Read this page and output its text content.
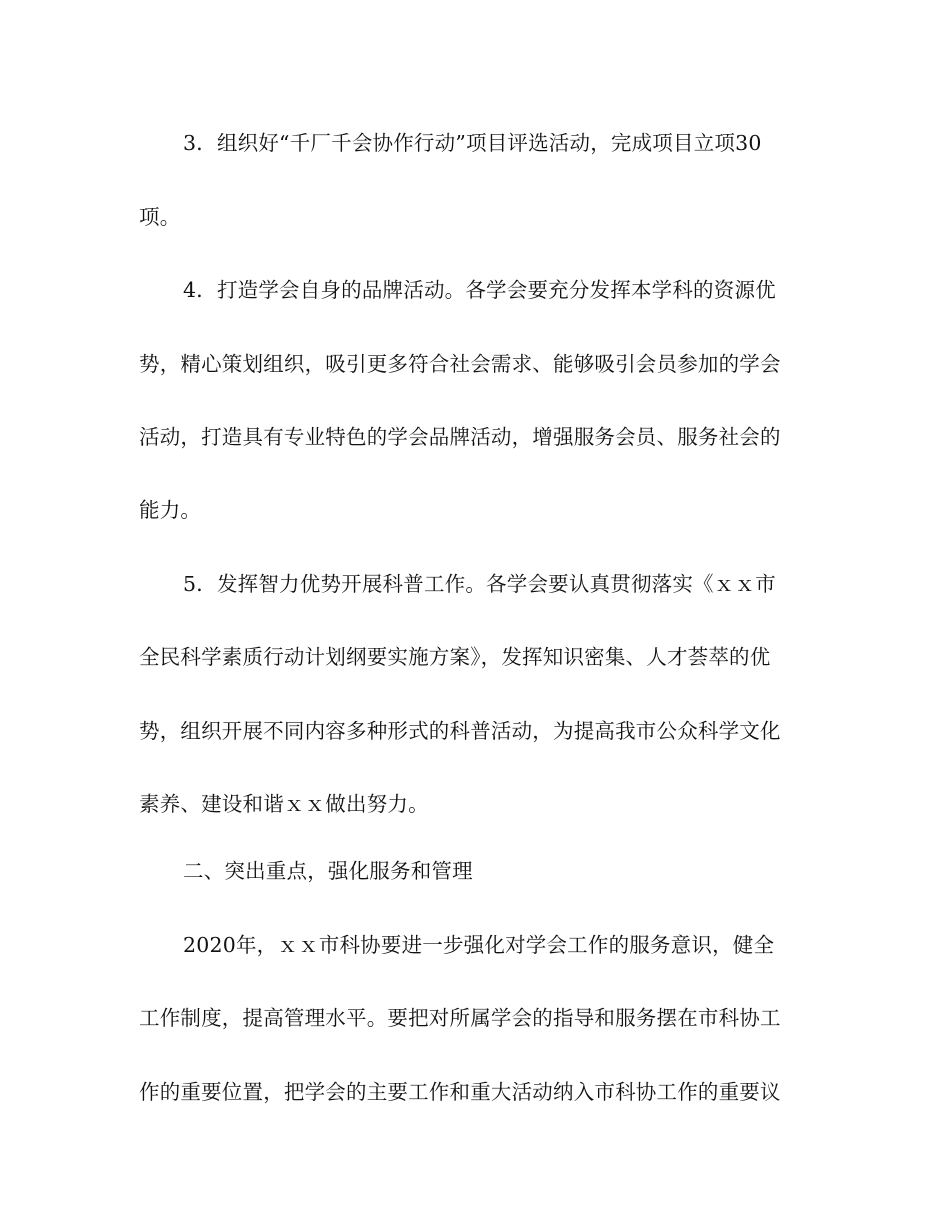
3．组织好“千厂千会协作行动”项目评选活动，完成项目立项30
项。
4．打造学会自身的品牌活动。各学会要充分发挥本学科的资源优
势，精心策划组织，吸引更多符合社会需求、能够吸引会员参加的学会
活动，打造具有专业特色的学会品牌活动，增强服务会员、服务社会的
能力。
5．发挥智力优势开展科普工作。各学会要认真贯彻落实《ｘｘ市
全民科学素质行动计划纲要实施方案》，发挥知识密集、人才荟萃的优
势，组织开展不同内容多种形式的科普活动，为提高我市公众科学文化
素养、建设和谐ｘｘ做出努力。
二、突出重点，强化服务和管理
2020年，ｘｘ市科协要进一步强化对学会工作的服务意识，健全
工作制度，提高管理水平。要把对所属学会的指导和服务摆在市科协工
作的重要位置，把学会的主要工作和重大活动纳入市科协工作的重要议
